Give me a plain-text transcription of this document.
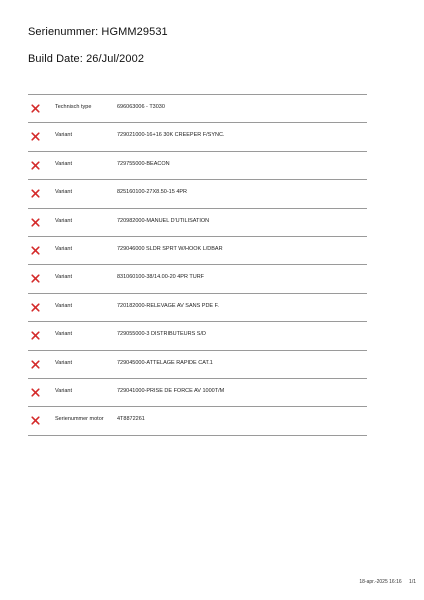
Serienummer: HGMM29531
Build Date: 26/Jul/2002
Technisch type	696063006 - T3030
Variant	729021000-16+16 30K CREEPER F/SYNC.
Variant	729755000-BEACON
Variant	825160100-27X8.50-15 4PR
Variant	720982000-MANUEL D'UTILISATION
Variant	729046000 SLDR SPRT W/HOOK L/DBAR
Variant	831060100-38/14.00-20 4PR TURF
Variant	720182000-RELEVAGE AV SANS PDE F.
Variant	729055000-3 DISTRIBUTEURS S/D
Variant	729045000-ATTELAGE RAPIDE CAT.1
Variant	729041000-PRISE DE FORCE AV 1000T/M
Serienummer motor 4T8872261
18-apr.-2025 16:16 1/1
